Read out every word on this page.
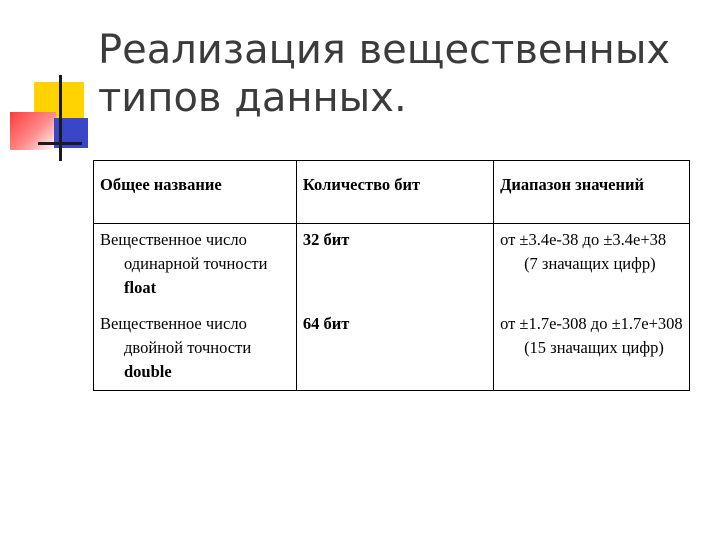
Реализация вещественных типов данных.
Общее название	Количество бит	Диапазон значений

Вещественное число одинарной точности float	32 бит	от ±3.4e-38 до ±3.4e+38 (7 значащих цифр)

Вещественное число двойной точности double	64 бит	от ±1.7e-308 до ±1.7e+308 (15 значащих цифр)
